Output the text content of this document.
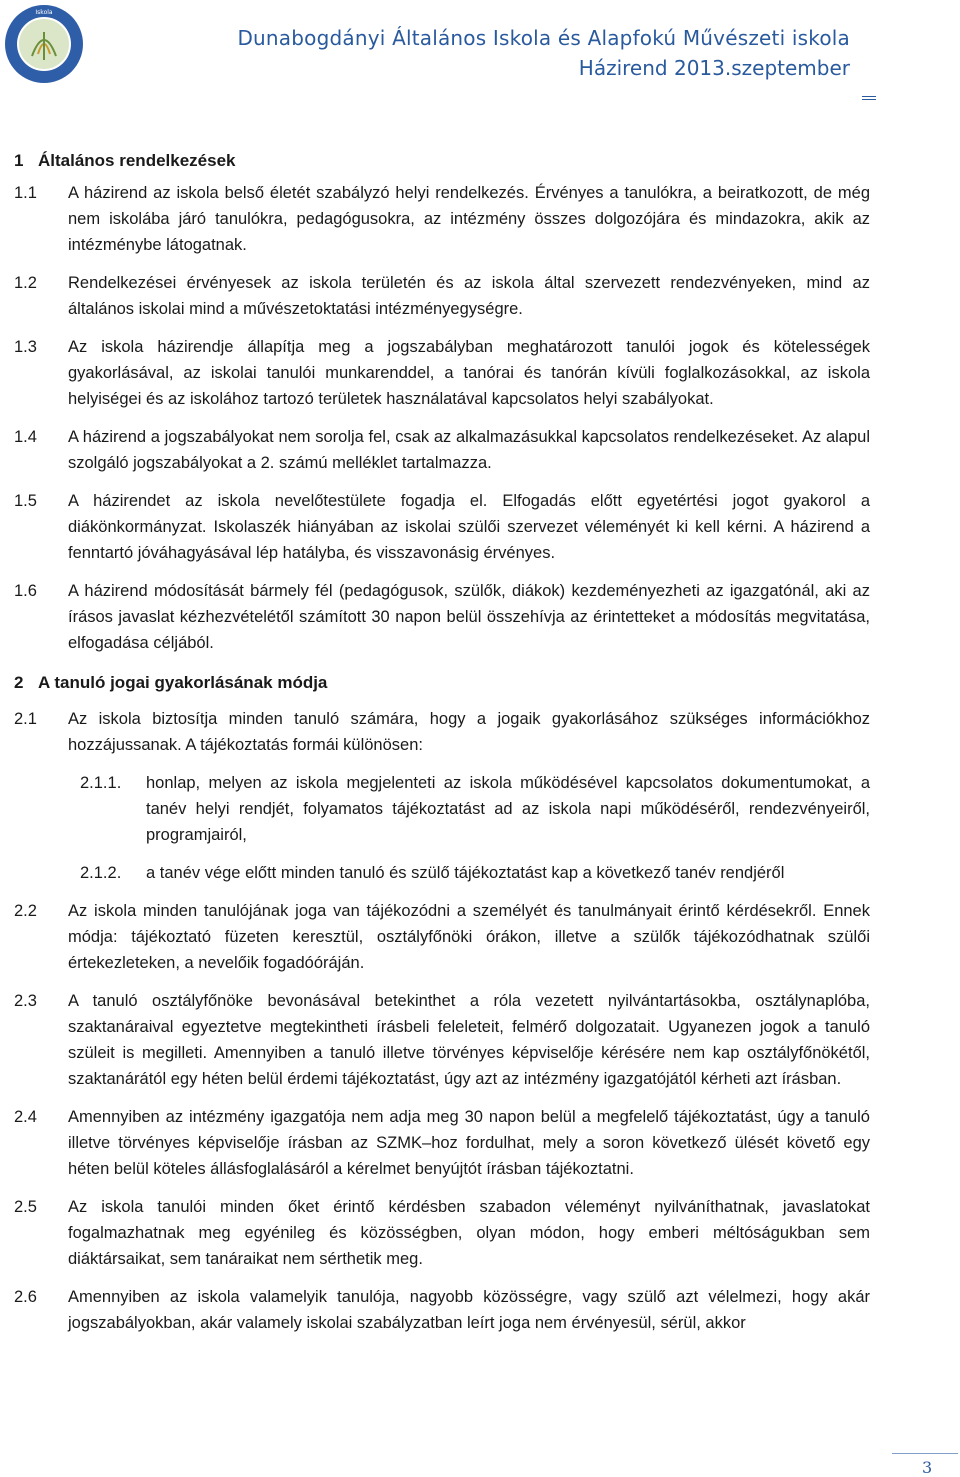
Iskola
Dunabogdányi Általános Iskola és Alapfokú Művészeti iskola
Házirend 2013.szeptember
1 Általános rendelkezések
1.1	A házirend az iskola belső életét szabályzó helyi rendelkezés. Érvényes a tanulókra, a beiratkozott, de még nem iskolába járó tanulókra, pedagógusokra, az intézmény összes dolgozójára és mindazokra, akik az intézménybe látogatnak.
1.2	Rendelkezései érvényesek az iskola területén és az iskola által szervezett rendezvényeken, mind az általános iskolai mind a művészetoktatási intézményegységre.
1.3	Az iskola házirendje állapítja meg a jogszabályban meghatározott tanulói jogok és kötelességek gyakorlásával, az iskolai tanulói munkarenddel, a tanórai és tanórán kívüli foglalkozásokkal, az iskola helyiségei és az iskolához tartozó területek használatával kapcsolatos helyi szabályokat.
1.4	A házirend a jogszabályokat nem sorolja fel, csak az alkalmazásukkal kapcsolatos rendelkezéseket. Az alapul szolgáló jogszabályokat a 2. számú melléklet tartalmazza.
1.5	A házirendet az iskola nevelőtestülete fogadja el. Elfogadás előtt egyetértési jogot gyakorol a diákönkormányzat. Iskolaszék hiányában az iskolai szülői szervezet véleményét ki kell kérni. A házirend a fenntartó jóváhagyásával lép hatályba, és visszavonásig érvényes.
1.6	A házirend módosítását bármely fél (pedagógusok, szülők, diákok) kezdeményezheti az igazgatónál, aki az írásos javaslat kézhezvételétől számított 30 napon belül összehívja az érintetteket a módosítás megvitatása, elfogadása céljából.
2 A tanuló jogai gyakorlásának módja
2.1	Az iskola biztosítja minden tanuló számára, hogy a jogaik gyakorlásához szükséges információkhoz hozzájussanak. A tájékoztatás formái különösen:
2.1.1.	honlap, melyen az iskola megjelenteti az iskola működésével kapcsolatos dokumentumokat, a tanév helyi rendjét, folyamatos tájékoztatást ad az iskola napi működéséről, rendezvényeiről, programjairól,
2.1.2.	a tanév vége előtt minden tanuló és szülő tájékoztatást kap a következő tanév rendjéről
2.2	Az iskola minden tanulójának joga van tájékozódni a személyét és tanulmányait érintő kérdésekről. Ennek módja: tájékoztató füzeten keresztül, osztályfőnöki órákon, illetve a szülők tájékozódhatnak szülői értekezleteken, a nevelőik fogadóóráján.
2.3	A tanuló osztályfőnöke bevonásával betekinthet a róla vezetett nyilvántartásokba, osztálynaplóba, szaktanáraival egyeztetve megtekintheti írásbeli feleleteit, felmérő dolgozatait. Ugyanezen jogok a tanuló szüleit is megilleti. Amennyiben a tanuló illetve törvényes képviselője kérésére nem kap osztályfőnökétől, szaktanárától egy héten belül érdemi tájékoztatást, úgy azt az intézmény igazgatójától kérheti azt írásban.
2.4	Amennyiben az intézmény igazgatója nem adja meg 30 napon belül a megfelelő tájékoztatást, úgy a tanuló illetve törvényes képviselője írásban az SZMK–hoz fordulhat, mely a soron következő ülését követő egy héten belül köteles állásfoglalásáról a kérelmet benyújtót írásban tájékoztatni.
2.5	Az iskola tanulói minden őket érintő kérdésben szabadon véleményt nyilváníthatnak, javaslatokat fogalmazhatnak meg egyénileg és közösségben, olyan módon, hogy emberi méltóságukban sem diáktársaikat, sem tanáraikat nem sérthetik meg.
2.6	Amennyiben az iskola valamelyik tanulója, nagyobb közösségre, vagy szülő azt vélelmezi, hogy akár jogszabályokban, akár valamely iskolai szabályzatban leírt joga nem érvényesül, sérül, akkor
3
